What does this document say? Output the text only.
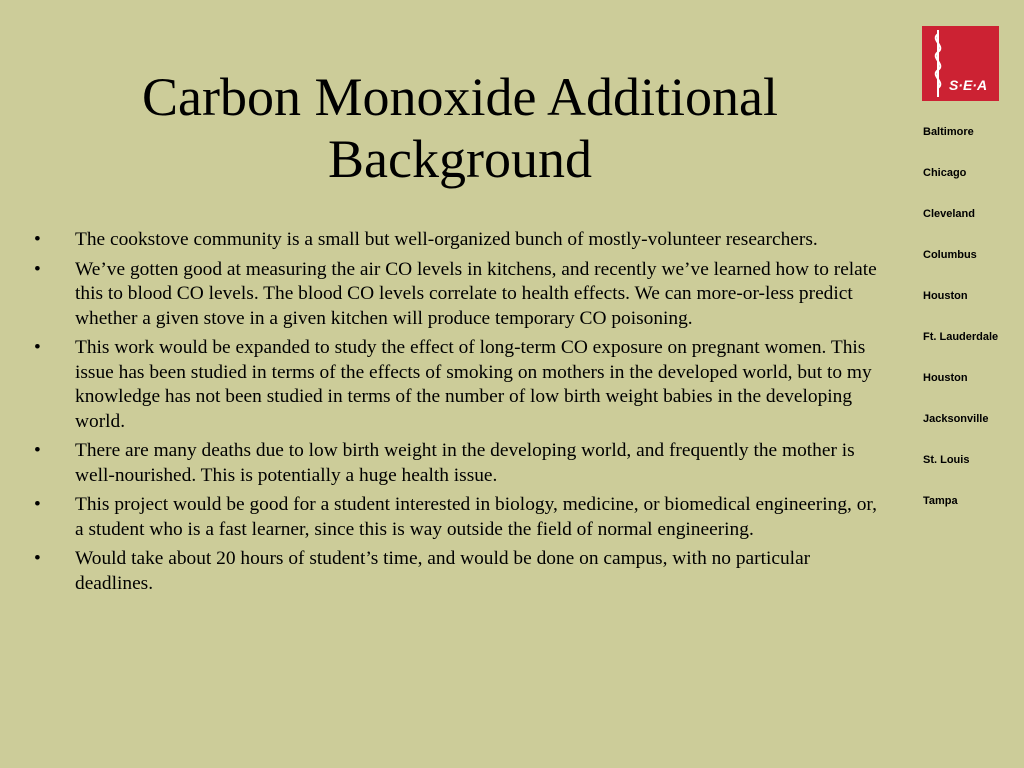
Carbon Monoxide Additional
Background
• The cookstove community is a small but well-organized bunch of mostly-volunteer researchers.
• We’ve gotten good at measuring the air CO levels in kitchens, and recently we’ve learned how to relate this to blood CO levels. The blood CO levels correlate to health effects. We can more-or-less predict whether a given stove in a given kitchen will produce temporary CO poisoning.
• This work would be expanded to study the effect of long-term CO exposure on pregnant women. This issue has been studied in terms of the effects of smoking on mothers in the developed world, but to my knowledge has not been studied in terms of the number of low birth weight babies in the developing world.
• There are many deaths due to low birth weight in the developing world, and frequently the mother is well-nourished. This is potentially a huge health issue.
• This project would be good for a student interested in biology, medicine, or biomedical engineering, or, a student who is a fast learner, since this is way outside the field of normal engineering.
• Would take about 20 hours of student’s time, and would be done on campus, with no particular deadlines.
S·E·A
Baltimore
Chicago
Cleveland
Columbus
Houston
Ft. Lauderdale
Houston
Jacksonville
St. Louis
Tampa
